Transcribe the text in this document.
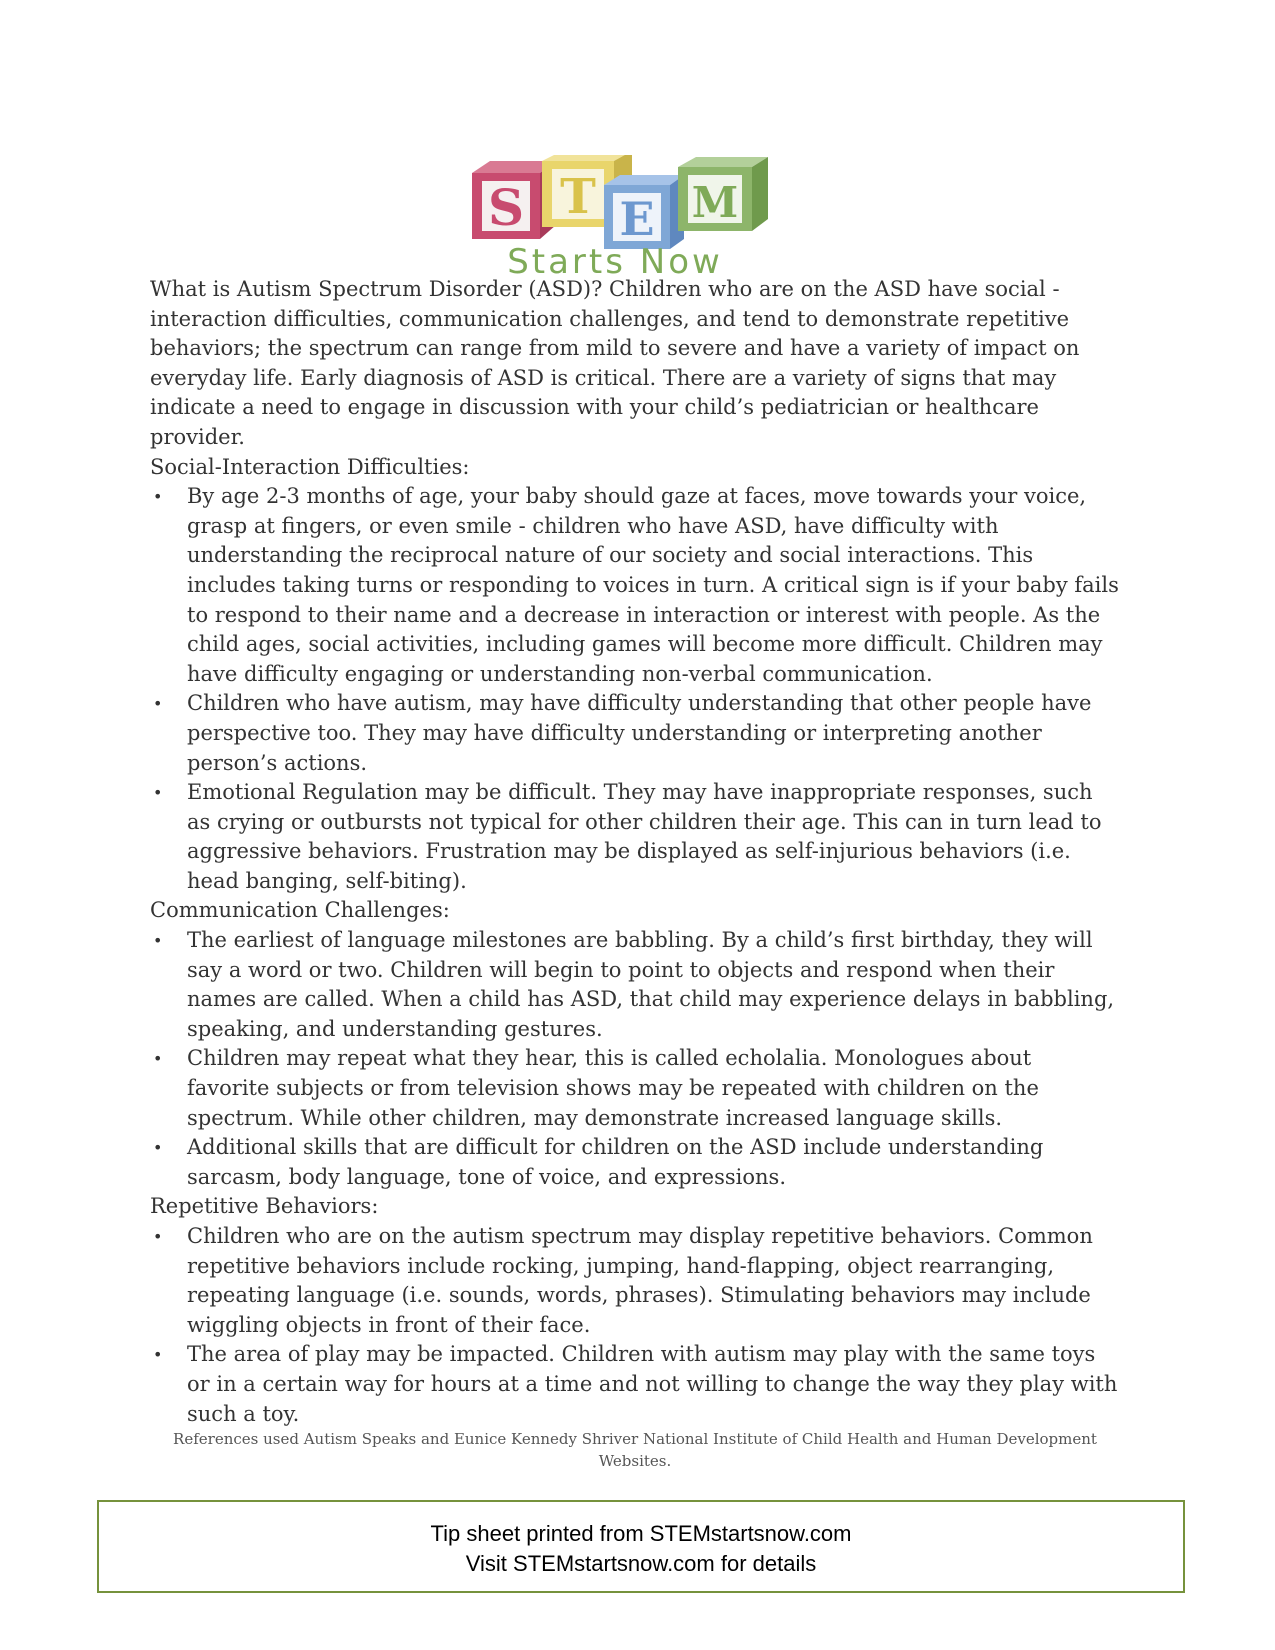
S T E M
Starts Now

What is Autism Spectrum Disorder (ASD)? Children who are on the ASD have social - interaction difficulties, communication challenges, and tend to demonstrate repetitive behaviors; the spectrum can range from mild to severe and have a variety of impact on everyday life. Early diagnosis of ASD is critical. There are a variety of signs that may indicate a need to engage in discussion with your child’s pediatrician or healthcare provider.

Social-Interaction Difficulties:

• By age 2-3 months of age, your baby should gaze at faces, move towards your voice, grasp at fingers, or even smile - children who have ASD, have difficulty with understanding the reciprocal nature of our society and social interactions. This includes taking turns or responding to voices in turn. A critical sign is if your baby fails to respond to their name and a decrease in interaction or interest with people. As the child ages, social activities, including games will become more difficult. Children may have difficulty engaging or understanding non-verbal communication.
• Children who have autism, may have difficulty understanding that other people have perspective too. They may have difficulty understanding or interpreting another person’s actions.
• Emotional Regulation may be difficult. They may have inappropriate responses, such as crying or outbursts not typical for other children their age. This can in turn lead to aggressive behaviors. Frustration may be displayed as self-injurious behaviors (i.e. head banging, self-biting).

Communication Challenges:

• The earliest of language milestones are babbling. By a child’s first birthday, they will say a word or two. Children will begin to point to objects and respond when their names are called. When a child has ASD, that child may experience delays in babbling, speaking, and understanding gestures.
• Children may repeat what they hear, this is called echolalia. Monologues about favorite subjects or from television shows may be repeated with children on the spectrum. While other children, may demonstrate increased language skills.
• Additional skills that are difficult for children on the ASD include understanding sarcasm, body language, tone of voice, and expressions.

Repetitive Behaviors:

• Children who are on the autism spectrum may display repetitive behaviors. Common repetitive behaviors include rocking, jumping, hand-flapping, object rearranging, repeating language (i.e. sounds, words, phrases). Stimulating behaviors may include wiggling objects in front of their face.
• The area of play may be impacted. Children with autism may play with the same toys or in a certain way for hours at a time and not willing to change the way they play with such a toy.
References used Autism Speaks and Eunice Kennedy Shriver National Institute of Child Health and Human Development Websites.
Tip sheet printed from STEMstartsnow.com
Visit STEMstartsnow.com for details
